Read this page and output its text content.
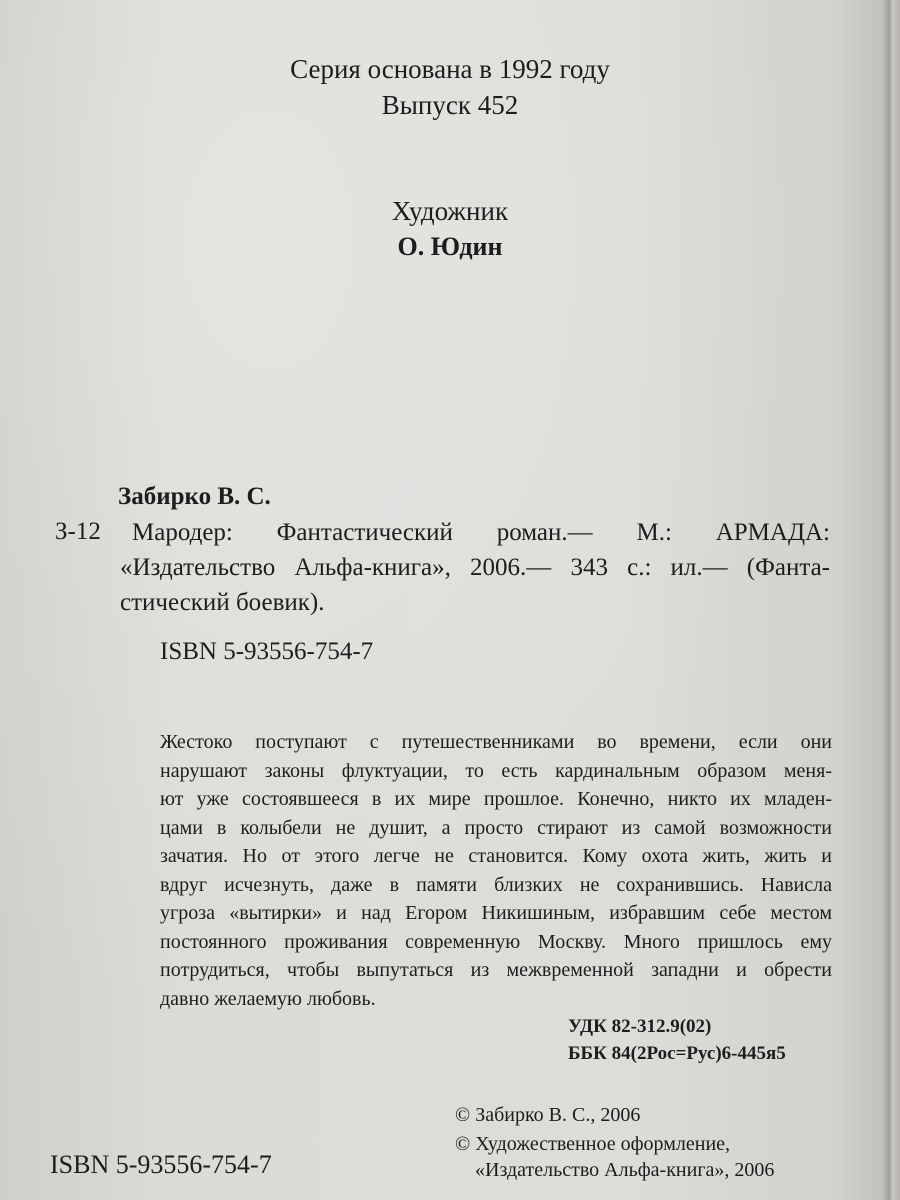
Серия основана в 1992 году
Выпуск 452
Художник
О. Юдин
Забирко В. С.
З-12	Мародер: Фантастический роман.— М.: АРМАДА:
«Издательство Альфа-книга», 2006.— 343 с.: ил.— (Фанта-
стический боевик).
ISBN 5-93556-754-7
Жестоко поступают с путешественниками во времени, если они
нарушают законы флуктуации, то есть кардинальным образом меня-
ют уже состоявшееся в их мире прошлое. Конечно, никто их младен-
цами в колыбели не душит, а просто стирают из самой возможности
зачатия. Но от этого легче не становится. Кому охота жить, жить и
вдруг исчезнуть, даже в памяти близких не сохранившись. Нависла
угроза «вытирки» и над Егором Никишиным, избравшим себе местом
постоянного проживания современную Москву. Много пришлось ему
потрудиться, чтобы выпутаться из межвременной западни и обрести
давно желаемую любовь.
УДК 82-312.9(02)
ББК 84(2Рос=Рус)6-445я5
© Забирко В. С., 2006
© Художественное оформление,
«Издательство Альфа-книга», 2006
ISBN 5-93556-754-7
